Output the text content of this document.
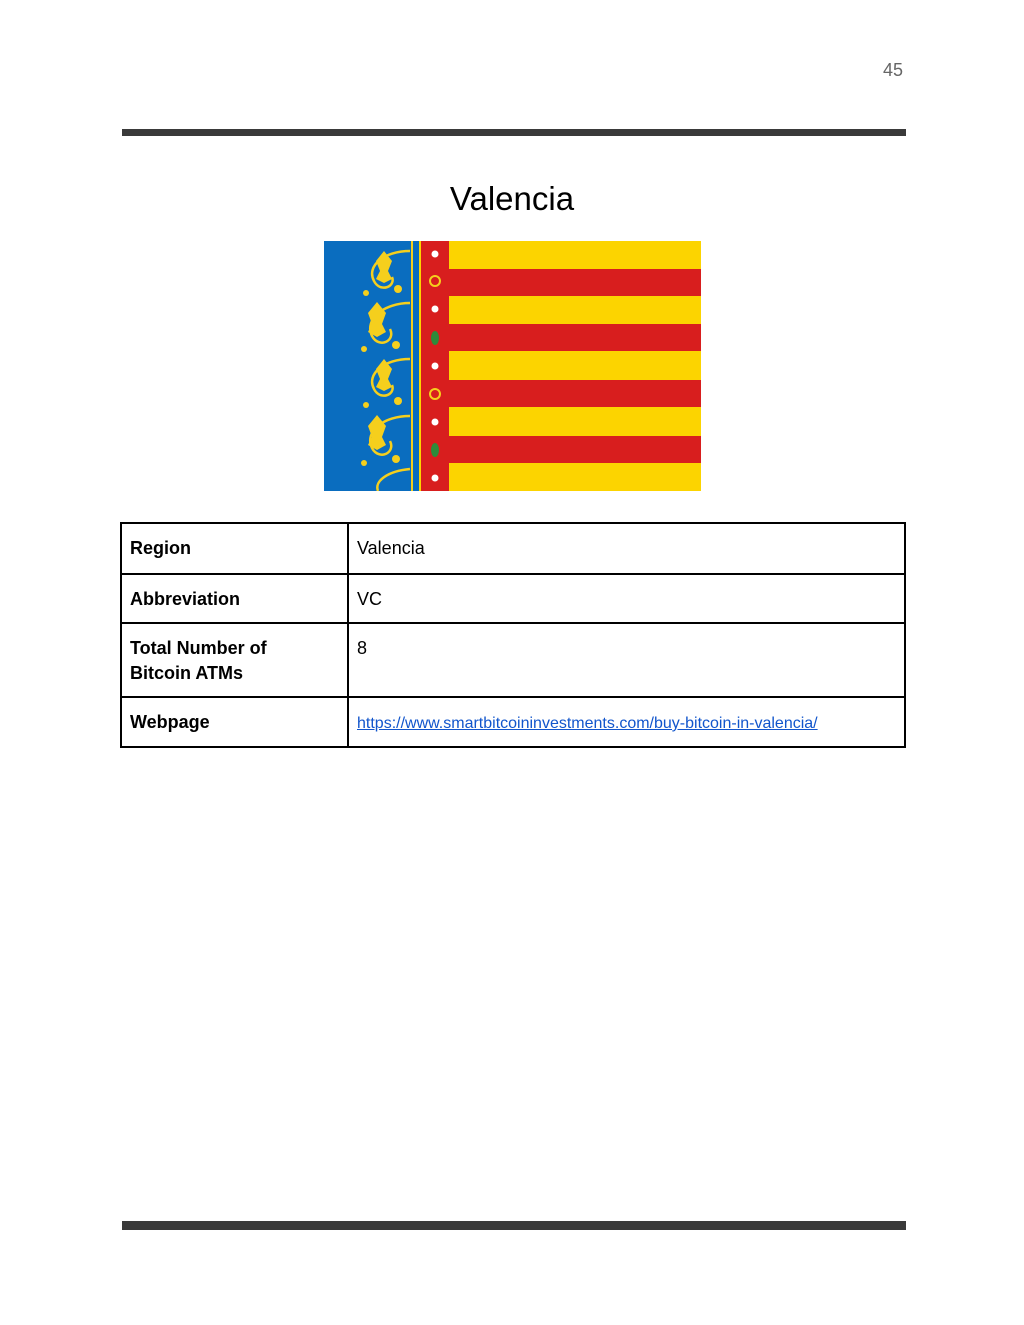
45
Valencia
Region	Valencia
Abbreviation	VC
Total Number of Bitcoin ATMs	8
Webpage	https://www.smartbitcoininvestments.com/buy-bitcoin-in-valencia/
